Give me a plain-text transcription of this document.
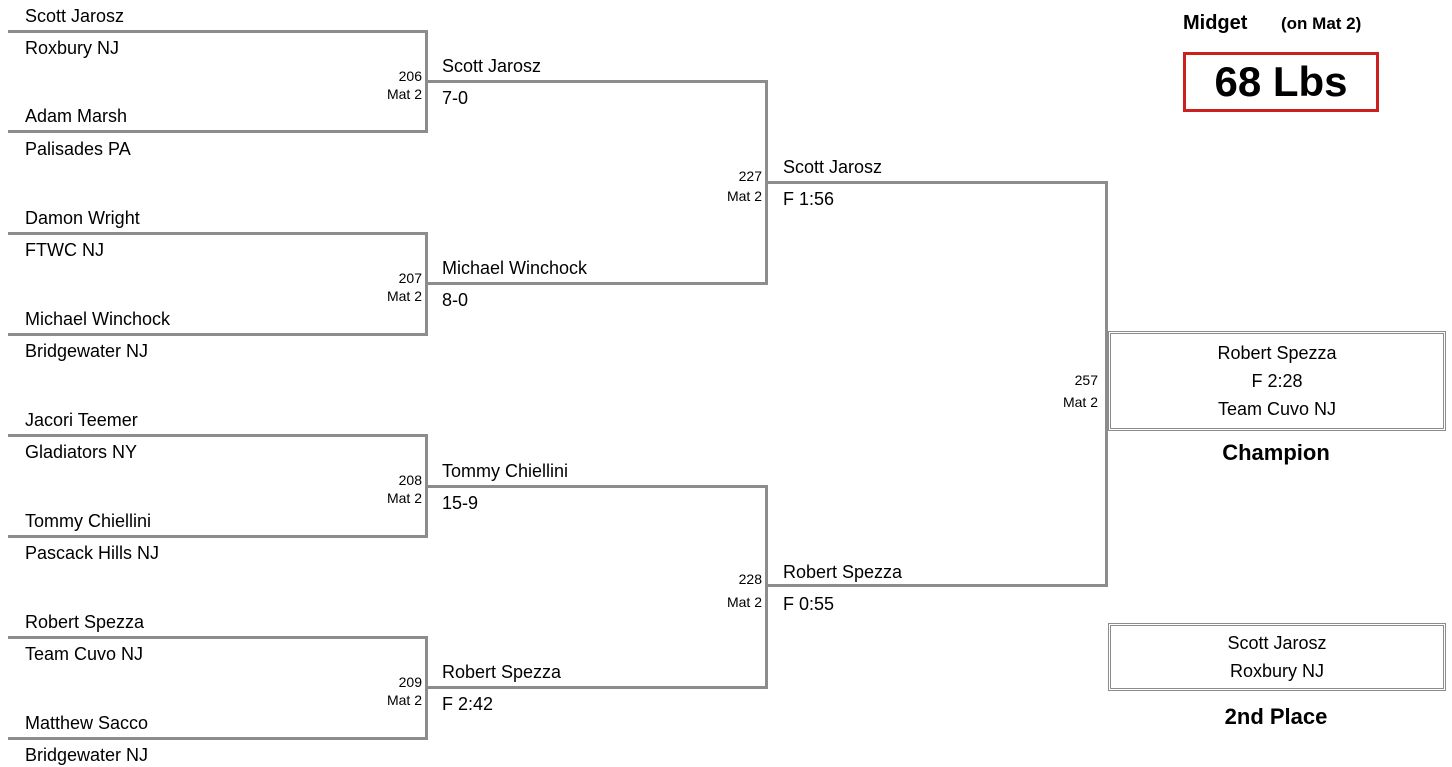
Midget (on Mat 2)
68 Lbs
Scott Jarosz
Roxbury NJ
Adam Marsh
Palisades PA
206
Mat 2
Damon Wright
FTWC NJ
Michael Winchock
Bridgewater NJ
207
Mat 2
Jacori Teemer
Gladiators NY
Tommy Chiellini
Pascack Hills NJ
208
Mat 2
Robert Spezza
Team Cuvo NJ
Matthew Sacco
Bridgewater NJ
209
Mat 2
Scott Jarosz
7-0
Michael Winchock
8-0
Tommy Chiellini
15-9
Robert Spezza
F 2:42
227
Mat 2
228
Mat 2
Scott Jarosz
F 1:56
Robert Spezza
F 0:55
257
Mat 2
Robert Spezza
F 2:28
Team Cuvo NJ
Champion
Scott Jarosz
Roxbury NJ
2nd Place
